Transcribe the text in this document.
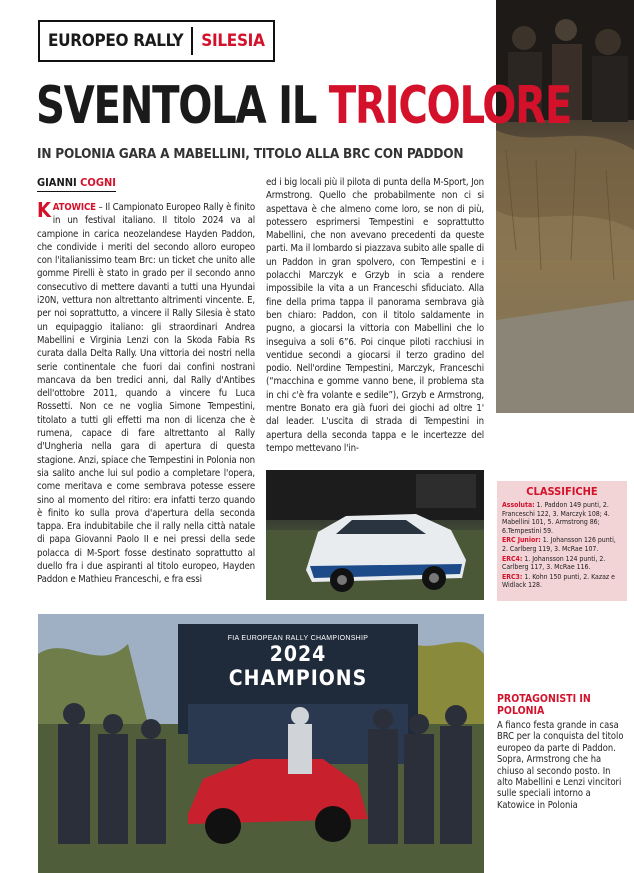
EUROPEO RALLY	SILESIA
SVENTOLA IL TRICOLORE
IN POLONIA GARA A MABELLINI, TITOLO ALLA BRC CON PADDON
GIANNI COGNI
KATOWICE – Il Campionato Europeo Rally è finito in un festival italiano. Il titolo 2024 va al campione in carica neozelandese Hayden Paddon, che condivide i meriti del secondo alloro europeo con l'italianissimo team Brc: un ticket che unito alle gomme Pirelli è stato in grado per il secondo anno consecutivo di mettere davanti a tutti una Hyundai i20N, vettura non altrettanto altrimenti vincente. E, per noi soprattutto, a vincere il Rally Silesia è stato un equipaggio italiano: gli straordinari Andrea Mabellini e Virginia Lenzi con la Skoda Fabia Rs curata dalla Delta Rally. Una vittoria dei nostri nella serie continentale che fuori dai confini nostrani mancava da ben tredici anni, dal Rally d'Antibes dell'ottobre 2011, quando a vincere fu Luca Rossetti. Non ce ne voglia Simone Tempestini, titolato a tutti gli effetti ma non di licenza che è rumena, capace di fare altrettanto al Rally d'Ungheria nella gara di apertura di questa stagione. Anzi, spiace che Tempestini in Polonia non sia salito anche lui sul podio a completare l'opera, come meritava e come sembrava potesse essere sino al momento del ritiro: era infatti terzo quando è finito ko sulla prova d'apertura della seconda tappa. Era indubitabile che il rally nella città natale di papa Giovanni Paolo II e nei pressi della sede polacca di M-Sport fosse destinato soprattutto al duello fra i due aspiranti al titolo europeo, Hayden Paddon e Mathieu Franceschi, e fra essi
ed i big locali più il pilota di punta della M-Sport, Jon Armstrong. Quello che probabilmente non ci si aspettava è che almeno come loro, se non di più, potessero esprimersi Tempestini e soprattutto Mabellini, che non avevano precedenti da queste parti. Ma il lombardo si piazzava subito alle spalle di un Paddon in gran spolvero, con Tempestini e i polacchi Marczyk e Grzyb in scia a rendere impossibile la vita a un Franceschi sfiduciato. Alla fine della prima tappa il panorama sembrava già ben chiaro: Paddon, con il titolo saldamente in pugno, a giocarsi la vittoria con Mabellini che lo inseguiva a soli 6”6. Poi cinque piloti racchiusi in ventidue secondi a giocarsi il terzo gradino del podio. Nell'ordine Tempestini, Marczyk, Franceschi (“macchina e gomme vanno bene, il problema sta in chi c'è fra volante e sedile”), Grzyb e Armstrong, mentre Bonato era già fuori dei giochi ad oltre 1' dal leader. L'uscita di strada di Tempestini in apertura della seconda tappa e le incertezze del tempo mettevano l'in-
CLASSIFICHE
Assoluta: 1. Paddon 149 punti, 2. Franceschi 122, 3. Marczyk 108; 4. Mabellini 101, 5. Armstrong 86; 6.Tempestini 59.
ERC Junior: 1. Johansson 126 punti, 2. Carlberg 119, 3. McRae 107.
ERC4: 1. Johansson 124 punti, 2. Carlberg 117, 3. McRae 116.
ERC3: 1. Kohn 150 punti, 2. Kazaz e Widlack 128.
FIA EUROPEAN RALLY CHAMPIONSHIP
2024 CHAMPIONS
PROTAGONISTI IN POLONIA
A fianco festa grande in casa BRC per la conquista del titolo europeo da parte di Paddon. Sopra, Armstrong che ha chiuso al secondo posto. In alto Mabellini e Lenzi vincitori sulle speciali intorno a Katowice in Polonia
